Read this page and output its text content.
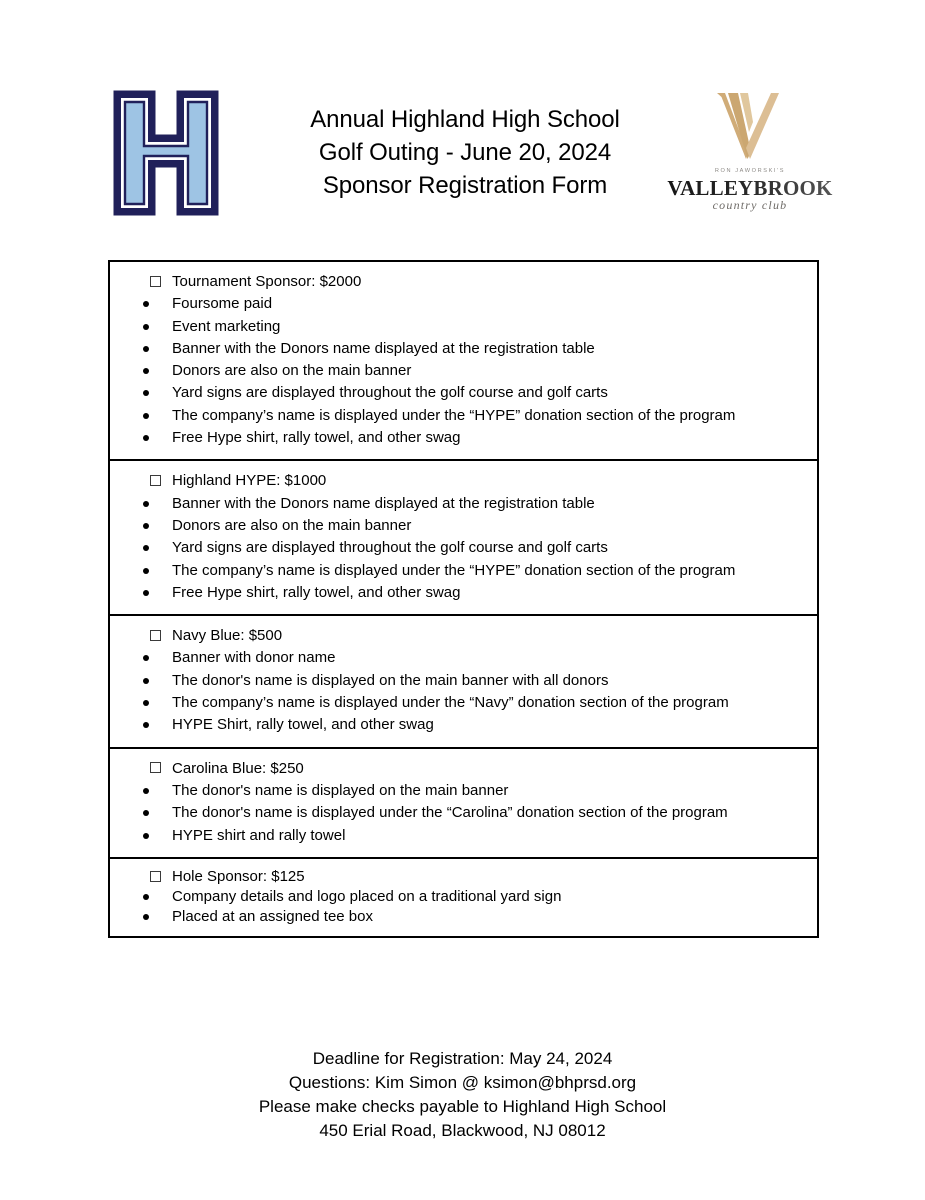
Annual Highland High School
Golf Outing - June 20, 2024
Sponsor Registration Form
RON JAWORSKI'S
VALLEYBROOK
country club
Tournament Sponsor: $2000
Foursome paid
Event marketing
Banner with the Donors name displayed at the registration table
Donors are also on the main banner
Yard signs are displayed throughout the golf course and golf carts
The company’s name is displayed under the “HYPE” donation section of the program
Free Hype shirt, rally towel, and other swag
Highland HYPE: $1000
Banner with the Donors name displayed at the registration table
Donors are also on the main banner
Yard signs are displayed throughout the golf course and golf carts
The company’s name is displayed under the “HYPE” donation section of the program
Free Hype shirt, rally towel, and other swag
Navy Blue: $500
Banner with donor name
The donor's name is displayed on the main banner with all donors
The company’s name is displayed under the “Navy” donation section of the program
HYPE Shirt, rally towel, and other swag
Carolina Blue: $250
The donor's name is displayed on the main banner
The donor's name is displayed under the “Carolina” donation section of the program
HYPE shirt and rally towel
Hole Sponsor: $125
Company details and logo placed on a traditional yard sign
Placed at an assigned tee box
Deadline for Registration: May 24, 2024
Questions: Kim Simon @ ksimon@bhprsd.org
Please make checks payable to Highland High School
450 Erial Road, Blackwood, NJ 08012
